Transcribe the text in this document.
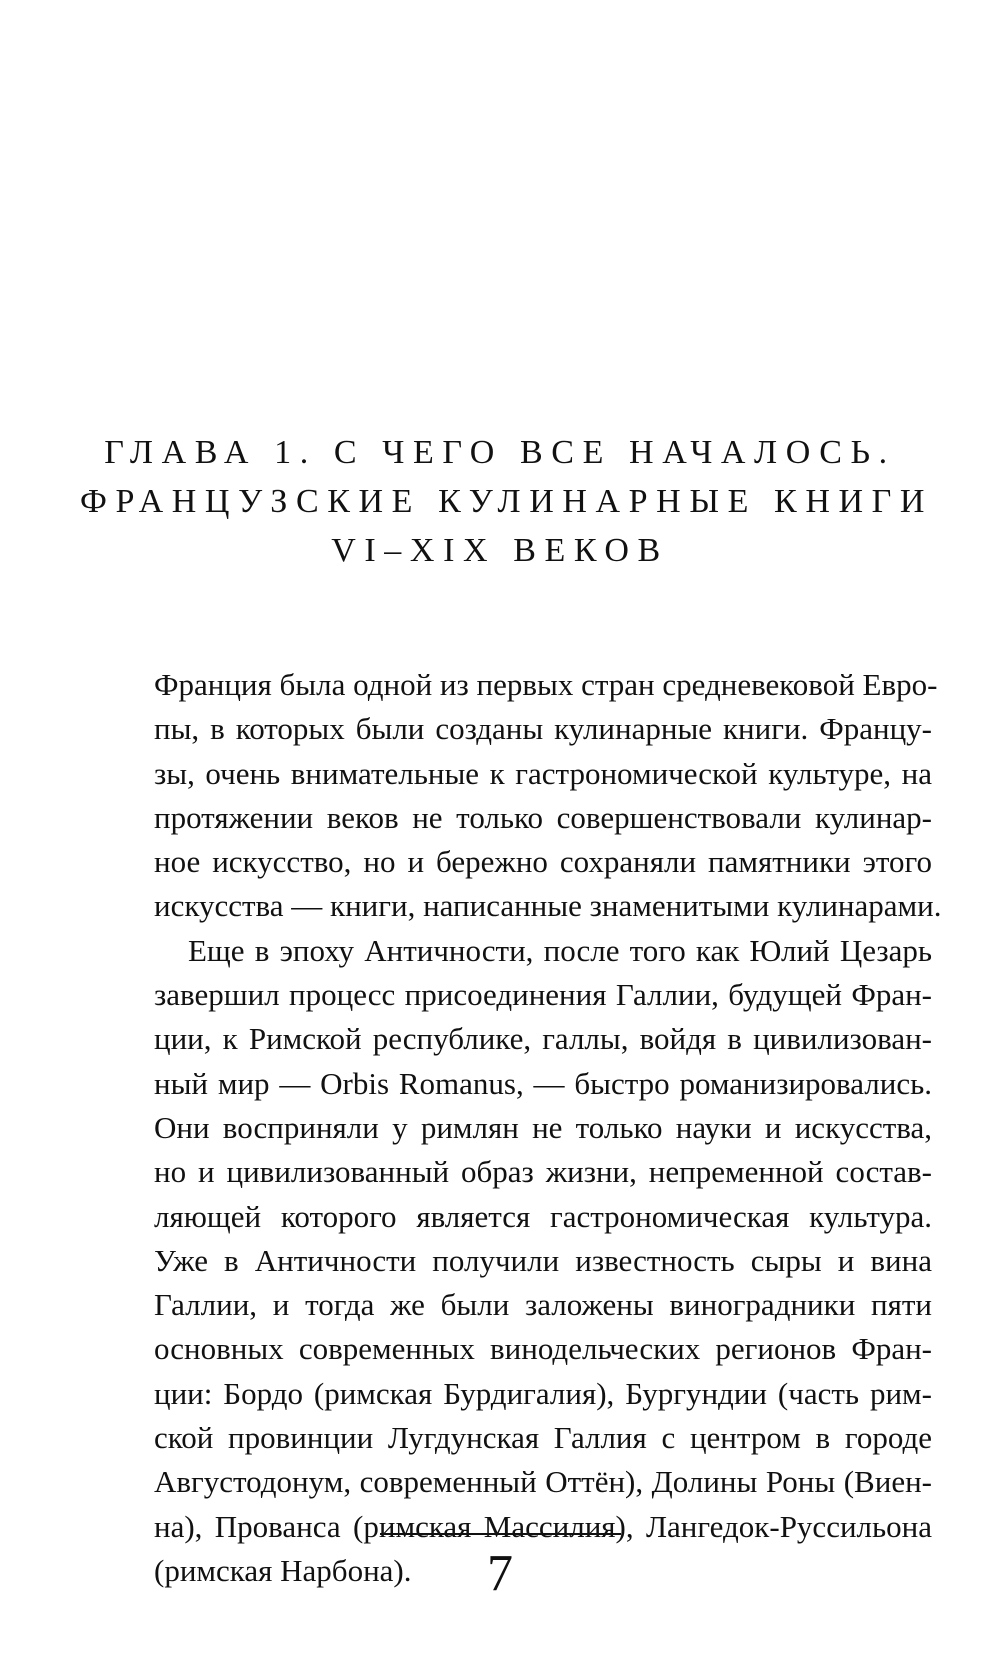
ГЛАВА 1. С ЧЕГО ВСЕ НАЧАЛОСЬ.
ФРАНЦУЗСКИЕ КУЛИНАРНЫЕ КНИГИ
VI–XIX ВЕКОВ
Франция была одной из первых стран средневековой Евро-
пы, в которых были созданы кулинарные книги. Францу-
зы, очень внимательные к гастрономической культуре, на
протяжении веков не только совершенствовали кулинар-
ное искусство, но и бережно сохраняли памятники этого
искусства — книги, написанные знаменитыми кулинарами.
Еще в эпоху Античности, после того как Юлий Цезарь
завершил процесс присоединения Галлии, будущей Фран-
ции, к Римской республике, галлы, войдя в цивилизован-
ный мир — Orbis Romanus, — быстро романизировались.
Они восприняли у римлян не только науки и искусства,
но и цивилизованный образ жизни, непременной состав-
ляющей которого является гастрономическая культура.
Уже в Античности получили известность сыры и вина
Галлии, и тогда же были заложены виноградники пяти
основных современных винодельческих регионов Фран-
ции: Бордо (римская Бурдигалия), Бургундии (часть рим-
ской провинции Лугдунская Галлия с центром в городе
Августодонум, современный Оттён), Долины Роны (Виен-
на), Прованса (римская Массилия), Лангедок-Руссильона
(римская Нарбона).	7
